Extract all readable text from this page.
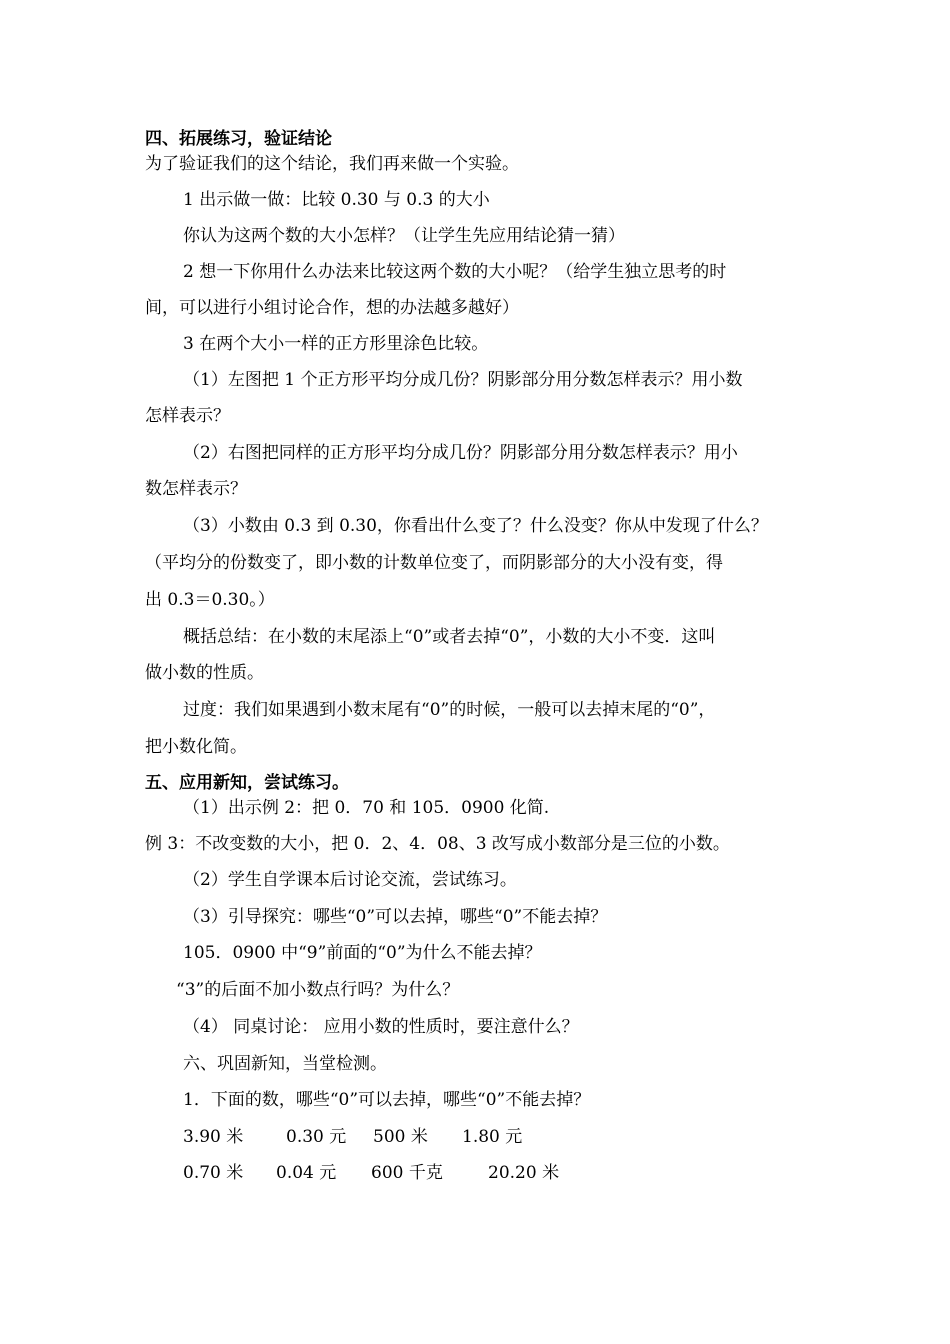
四、拓展练习，验证结论
为了验证我们的这个结论，我们再来做一个实验。
1 出示做一做：比较 0.30 与 0.3 的大小
你认为这两个数的大小怎样？（让学生先应用结论猜一猜）
2 想一下你用什么办法来比较这两个数的大小呢？（给学生独立思考的时
间，可以进行小组讨论合作，想的办法越多越好）
3 在两个大小一样的正方形里涂色比较。
（1）左图把 1 个正方形平均分成几份？阴影部分用分数怎样表示？用小数
怎样表示？
（2）右图把同样的正方形平均分成几份？阴影部分用分数怎样表示？用小
数怎样表示？
（3）小数由 0.3 到 0.30，你看出什么变了？什么没变？你从中发现了什么？
（平均分的份数变了，即小数的计数单位变了，而阴影部分的大小没有变，得
出 0.3＝0.30。）
概括总结：在小数的末尾添上“0”或者去掉“0”，小数的大小不变．这叫
做小数的性质。
过度：我们如果遇到小数末尾有“0”的时候，一般可以去掉末尾的“0”，
把小数化简。
五、应用新知，尝试练习。
（1）出示例 2：把 0．70 和 105．0900 化简.
例 3：不改变数的大小，把 0．2、4．08、3 改写成小数部分是三位的小数。
（2）学生自学课本后讨论交流，尝试练习。
（3）引导探究：哪些“0”可以去掉，哪些“0”不能去掉？
105．0900 中“9”前面的“0”为什么不能去掉？
“3”的后面不加小数点行吗？为什么？
（4） 同桌讨论： 应用小数的性质时，要注意什么？
六、巩固新知，当堂检测。
1．下面的数，哪些“0”可以去掉，哪些“0”不能去掉？
3.90 米	0.30 元 500 米 1.80 元
0.70 米 0.04 元 600 千克	20.20 米
